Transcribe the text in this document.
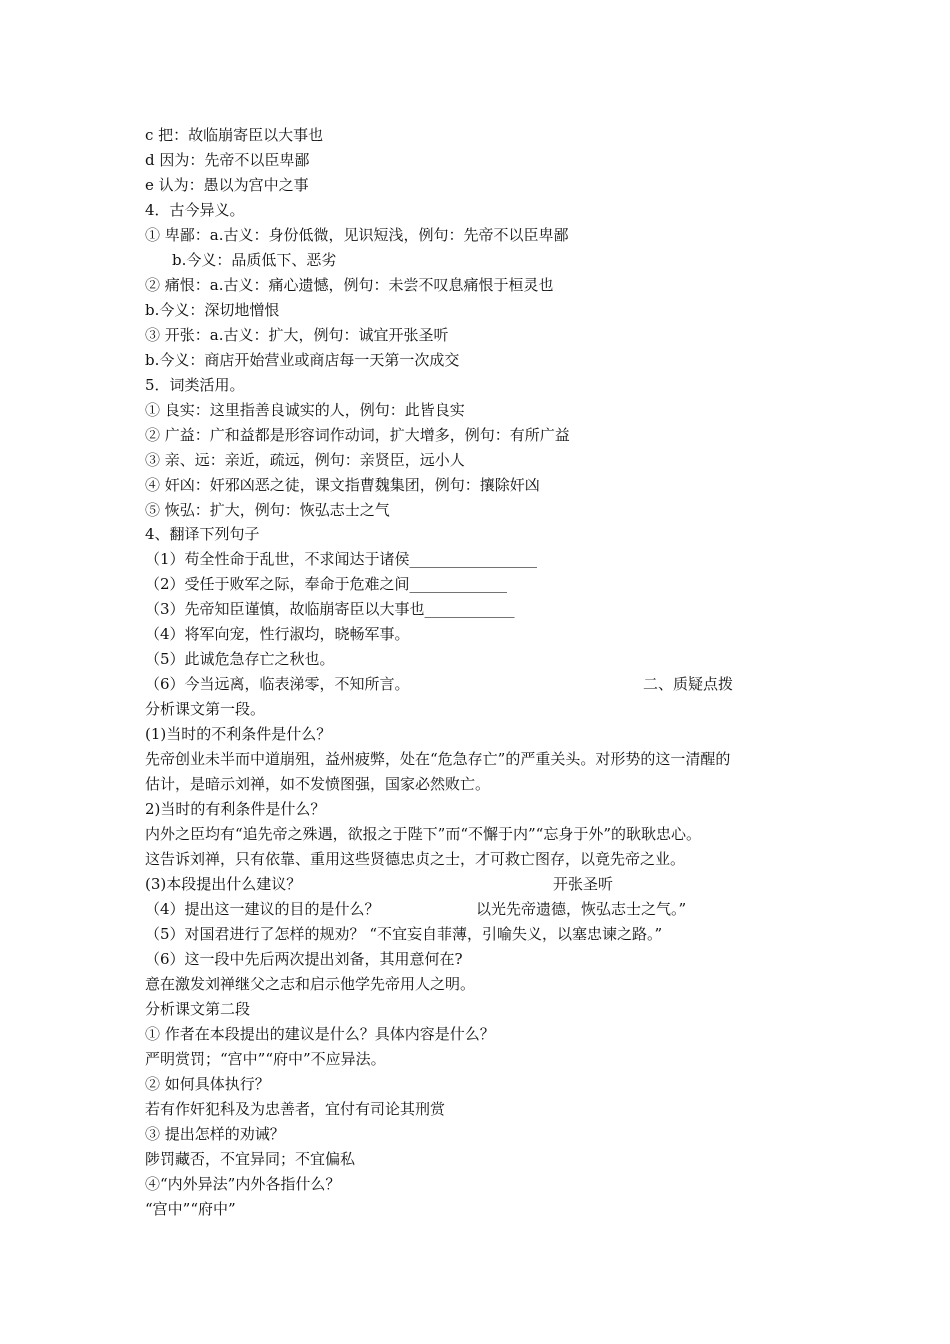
c 把：故临崩寄臣以大事也
d 因为：先帝不以臣卑鄙
e 认为：愚以为宫中之事
4．古今异义。
① 卑鄙：a.古义：身份低微，见识短浅，例句：先帝不以臣卑鄙
b.今义：品质低下、恶劣
② 痛恨：a.古义：痛心遗憾，例句：未尝不叹息痛恨于桓灵也
b.今义：深切地憎恨
③ 开张：a.古义：扩大，例句：诚宜开张圣听
b.今义：商店开始营业或商店每一天第一次成交
5．词类活用。
① 良实：这里指善良诚实的人，例句：此皆良实
② 广益：广和益都是形容词作动词，扩大增多，例句：有所广益
③ 亲、远：亲近，疏远，例句：亲贤臣，远小人
④ 奸凶：奸邪凶恶之徒，课文指曹魏集团，例句：攘除奸凶
⑤ 恢弘：扩大，例句：恢弘志士之气
4、翻译下列句子
（1）苟全性命于乱世，不求闻达于诸侯_________________
（2）受任于败军之际，奉命于危难之间_____________
（3）先帝知臣谨慎，故临崩寄臣以大事也____________
（4）将军向宠，性行淑均，晓畅军事。
（5）此诚危急存亡之秋也。
（6）今当远离，临表涕零，不知所言。	二、质疑点拨
分析课文第一段。
(1)当时的不利条件是什么？
先帝创业未半而中道崩殂，益州疲弊，处在“危急存亡”的严重关头。对形势的这一清醒的
估计，是暗示刘禅，如不发愤图强，国家必然败亡。
2)当时的有利条件是什么？
内外之臣均有“追先帝之殊遇，欲报之于陛下”而“不懈于内”“忘身于外”的耿耿忠心。
这告诉刘禅，只有依靠、重用这些贤德忠贞之士，才可救亡图存，以竟先帝之业。
(3)本段提出什么建议？	开张圣听
（4）提出这一建议的目的是什么？	以光先帝遗德，恢弘志士之气。”
（5）对国君进行了怎样的规劝？ “不宜妄自菲薄，引喻失义，以塞忠谏之路。”
（6）这一段中先后两次提出刘备，其用意何在?
意在激发刘禅继父之志和启示他学先帝用人之明。
分析课文第二段
① 作者在本段提出的建议是什么？具体内容是什么？
严明赏罚；“宫中”“府中”不应异法。
② 如何具体执行？
若有作奸犯科及为忠善者，宜付有司论其刑赏
③ 提出怎样的劝诫？
陟罚藏否，不宜异同；不宜偏私
④“内外异法”内外各指什么？
“宫中”“府中”
